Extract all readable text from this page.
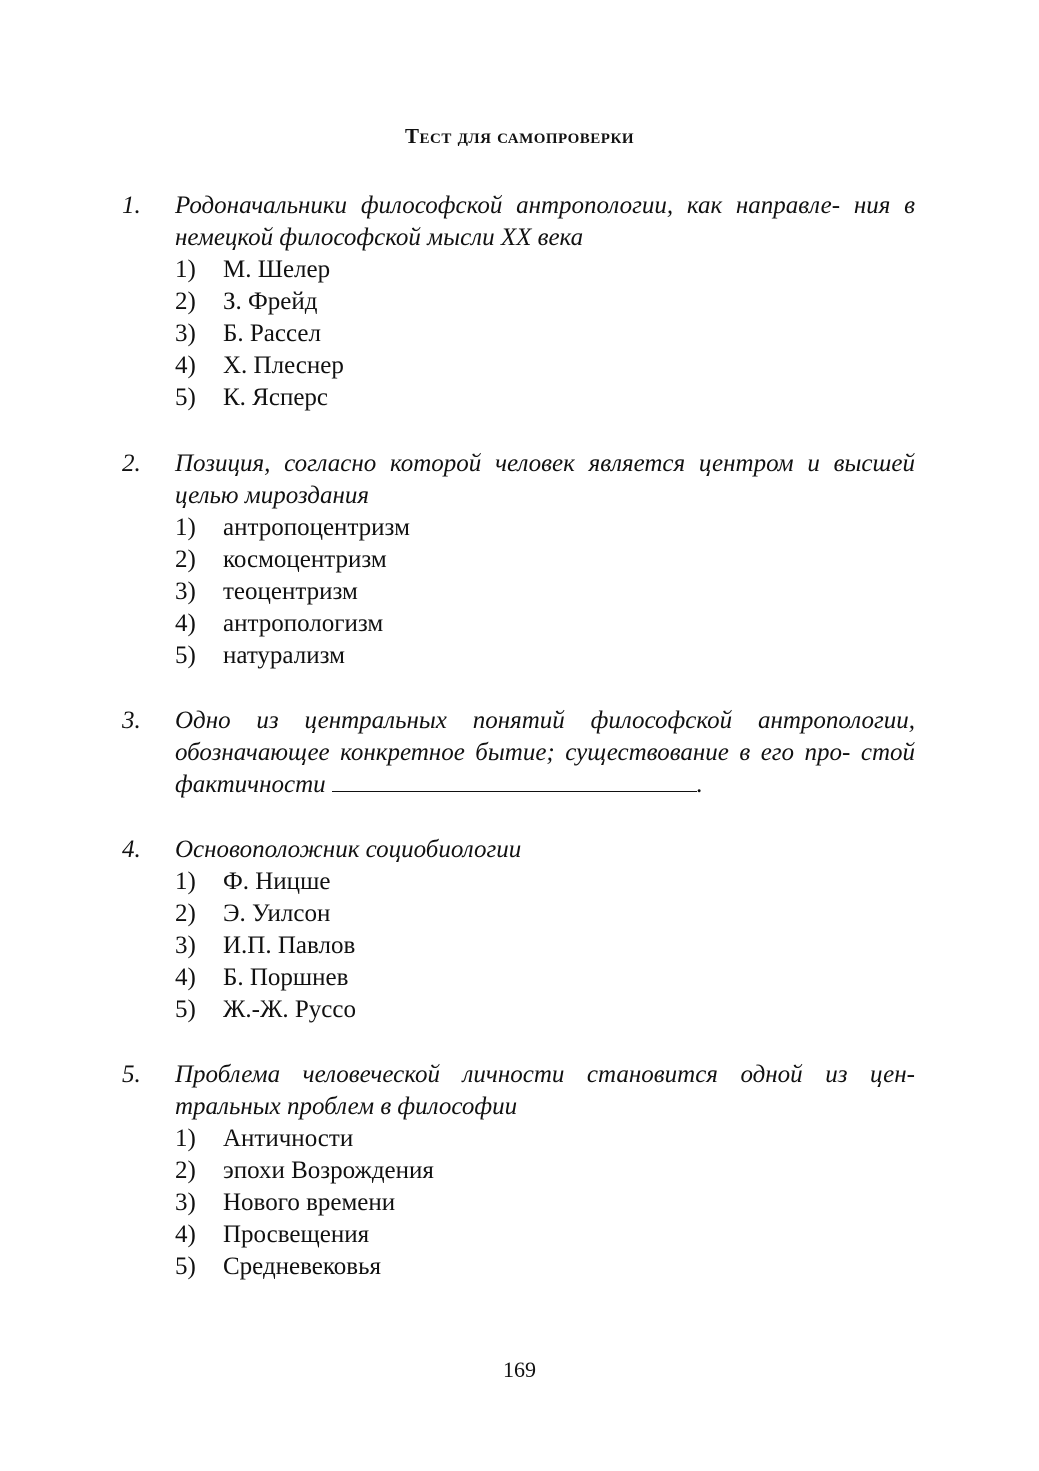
Тест для самопроверки
1. Родоначальники философской антропологии, как направле- ния в немецкой философской мысли XX века
1)	М. Шелер
2)	З. Фрейд
3)	Б. Рассел
4)	Х. Плеснер
5)	К. Ясперс
2. Позиция, согласно которой человек является центром и высшей целью мироздания
1)	антропоцентризм
2)	космоцентризм
3)	теоцентризм
4)	антропологизм
5)	натурализм
3. Одно из центральных понятий философской антропологии, обозначающее конкретное бытие; существование в его про- стой фактичности	.
4. Основоположник социобиологии
1)	Ф. Ницше
2)	Э. Уилсон
3)	И.П. Павлов
4)	Б. Поршнев
5)	Ж.-Ж. Руссо
5. Проблема человеческой личности становится одной из цен- тральных проблем в философии
1)	Античности
2)	эпохи Возрождения
3)	Нового времени
4)	Просвещения
5)	Средневековья
169
